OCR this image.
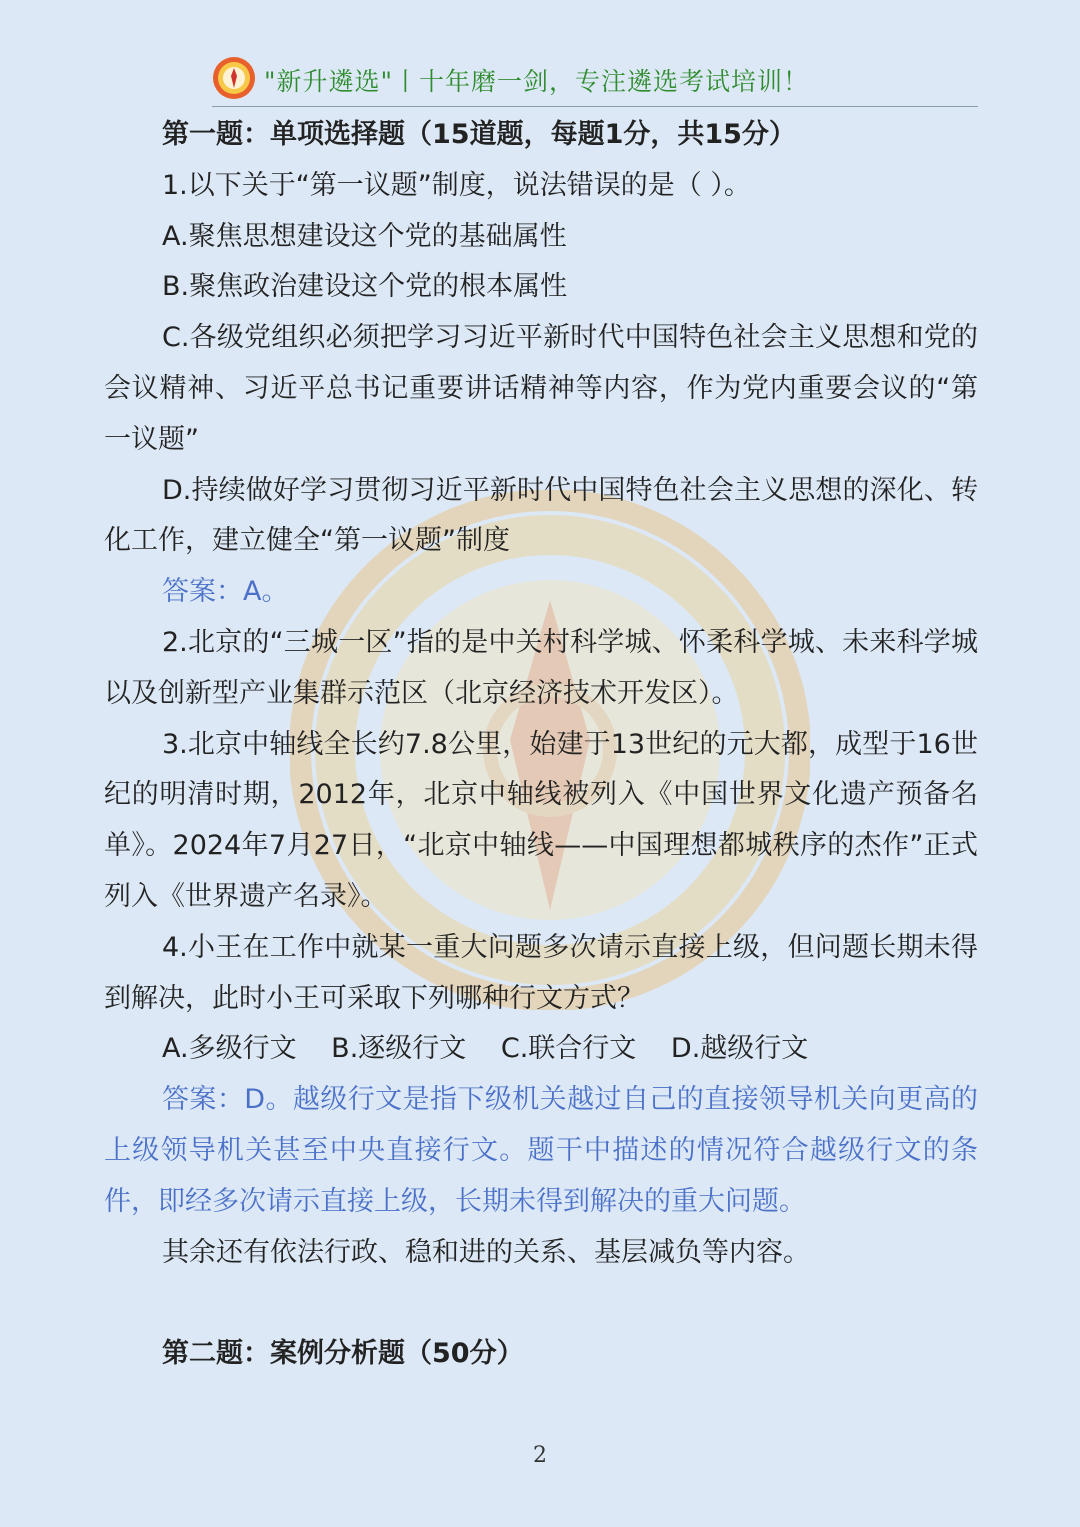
"新升遴选"丨十年磨一剑，专注遴选考试培训！

第一题：单项选择题（15道题，每题1分，共15分）

1.以下关于“第一议题”制度，说法错误的是（ ）。

A.聚焦思想建设这个党的基础属性

B.聚焦政治建设这个党的根本属性

C.各级党组织必须把学习习近平新时代中国特色社会主义思想和党的会议精神、习近平总书记重要讲话精神等内容，作为党内重要会议的“第一议题”

D.持续做好学习贯彻习近平新时代中国特色社会主义思想的深化、转化工作，建立健全“第一议题”制度

答案：A。

2.北京的“三城一区”指的是中关村科学城、怀柔科学城、未来科学城以及创新型产业集群示范区（北京经济技术开发区）。

3.北京中轴线全长约7.8公里，始建于13世纪的元大都，成型于16世纪的明清时期，2012年，北京中轴线被列入《中国世界文化遗产预备名单》。2024年7月27日，“北京中轴线——中国理想都城秩序的杰作”正式列入《世界遗产名录》。

4.小王在工作中就某一重大问题多次请示直接上级，但问题长期未得到解决，此时小王可采取下列哪种行文方式？

A.多级行文 B.逐级行文 C.联合行文 D.越级行文

答案：D。越级行文是指下级机关越过自己的直接领导机关向更高的上级领导机关甚至中央直接行文。题干中描述的情况符合越级行文的条件，即经多次请示直接上级，长期未得到解决的重大问题。

其余还有依法行政、稳和进的关系、基层减负等内容。

第二题：案例分析题（50分）

2
